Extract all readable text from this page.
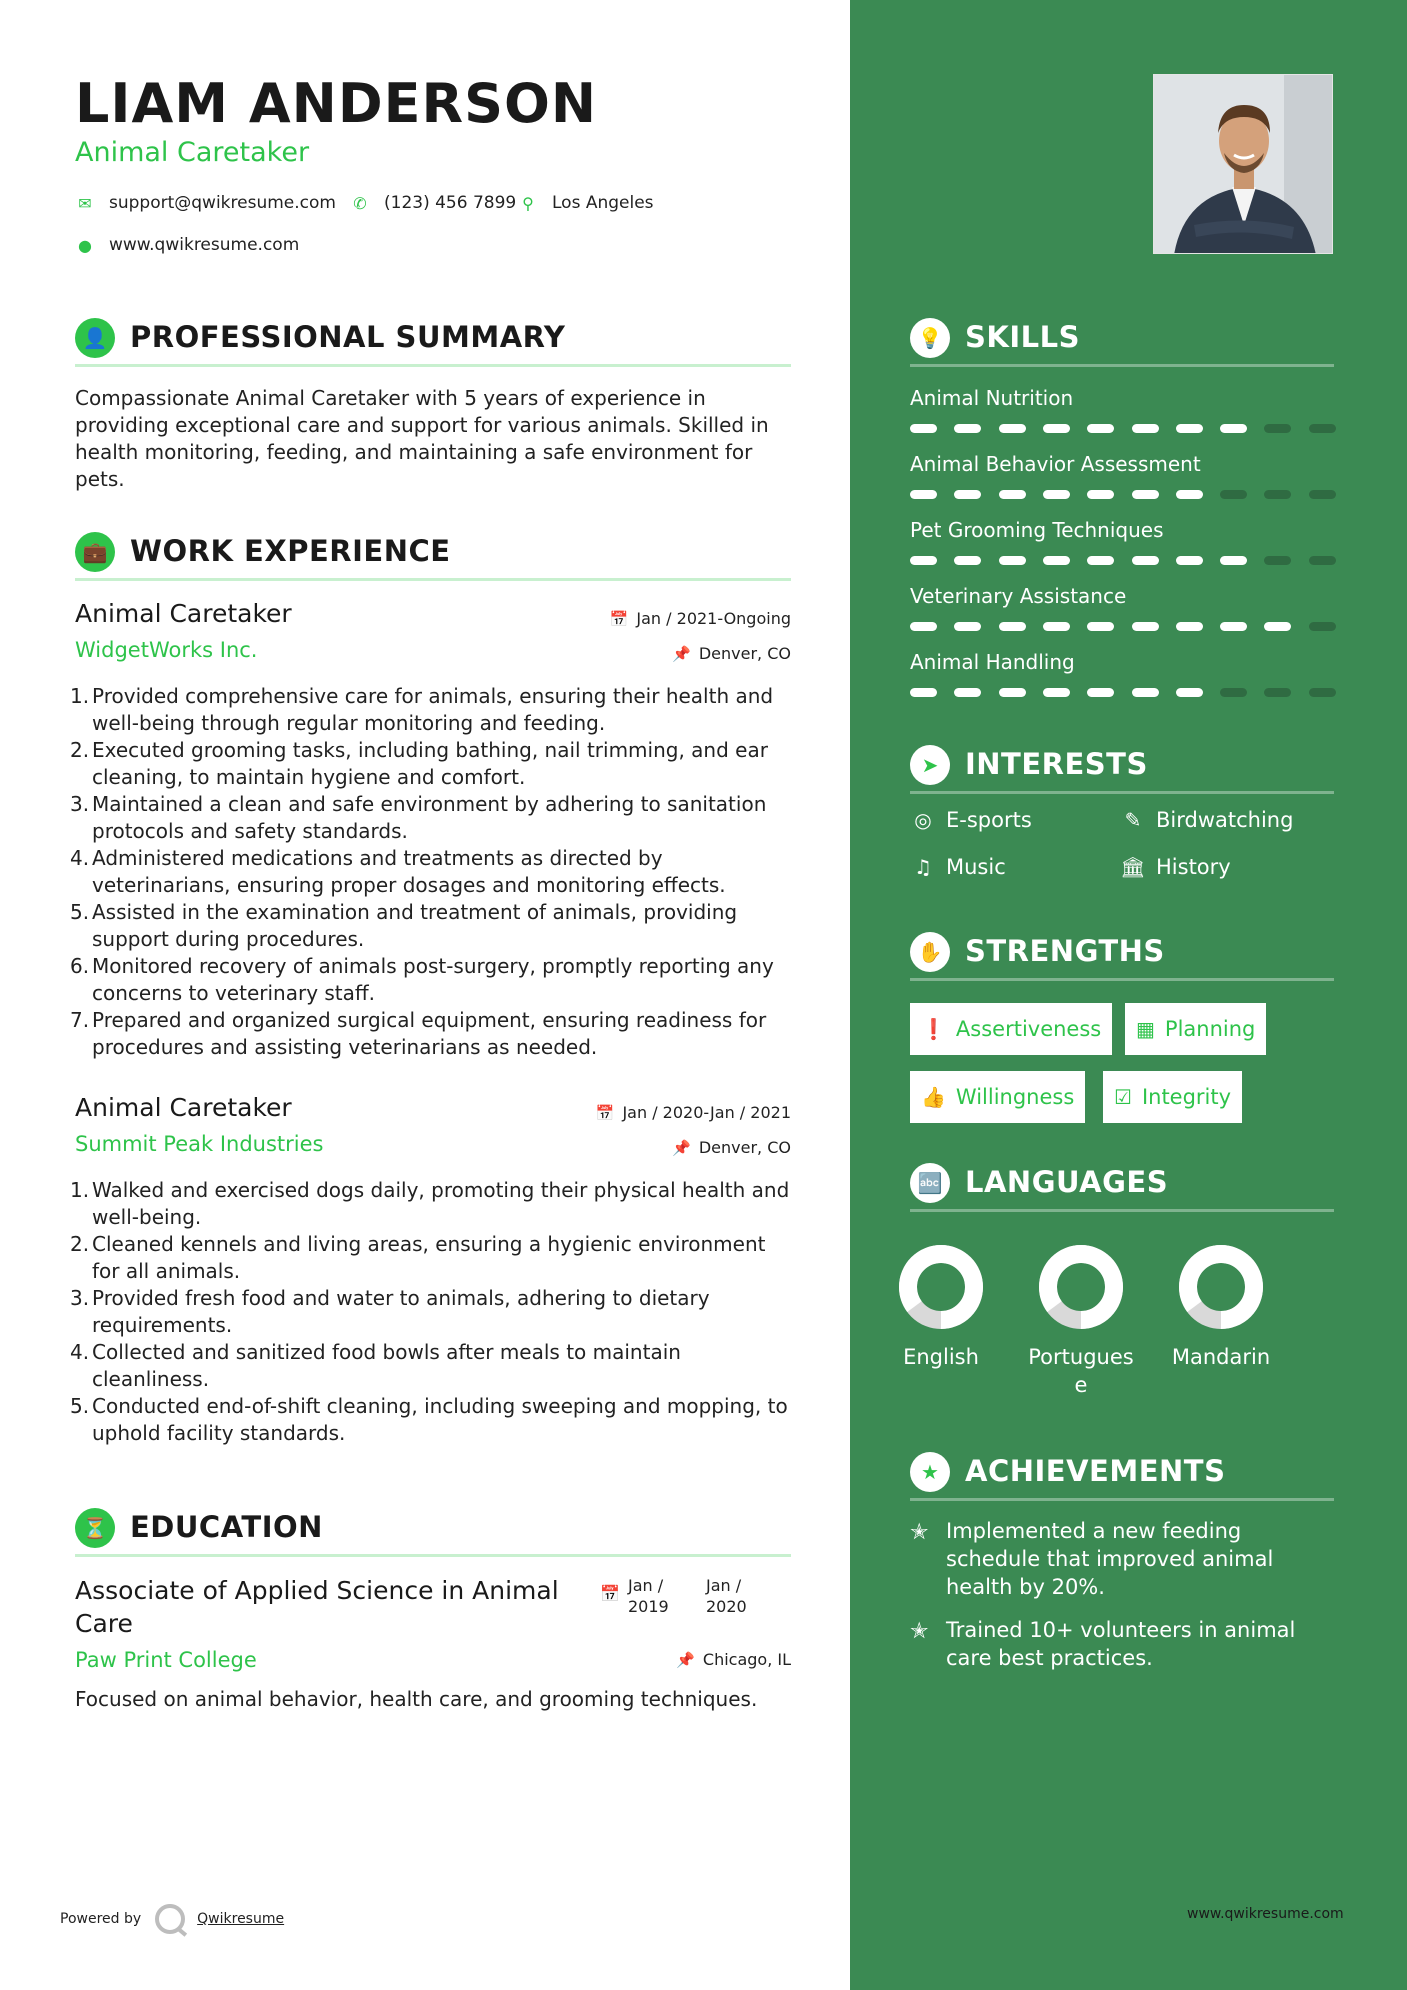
LIAM ANDERSON
Animal Caretaker
✉ support@qwikresume.com ✆ (123) 456 7899 ⚲ Los Angeles
● www.qwikresume.com
👤 PROFESSIONAL SUMMARY
Compassionate Animal Caretaker with 5 years of experience in providing exceptional care and support for various animals. Skilled in health monitoring, feeding, and maintaining a safe environment for pets.
💼 WORK EXPERIENCE
Animal Caretaker	📅 Jan / 2021-Ongoing
WidgetWorks Inc.	📌 Denver, CO
1. Provided comprehensive care for animals, ensuring their health and well-being through regular monitoring and feeding.
2. Executed grooming tasks, including bathing, nail trimming, and ear cleaning, to maintain hygiene and comfort.
3. Maintained a clean and safe environment by adhering to sanitation protocols and safety standards.
4. Administered medications and treatments as directed by veterinarians, ensuring proper dosages and monitoring effects.
5. Assisted in the examination and treatment of animals, providing support during procedures.
6. Monitored recovery of animals post-surgery, promptly reporting any concerns to veterinary staff.
7. Prepared and organized surgical equipment, ensuring readiness for procedures and assisting veterinarians as needed.
Animal Caretaker	📅 Jan / 2020-Jan / 2021
Summit Peak Industries	📌 Denver, CO
1. Walked and exercised dogs daily, promoting their physical health and well-being.
2. Cleaned kennels and living areas, ensuring a hygienic environment for all animals.
3. Provided fresh food and water to animals, adhering to dietary requirements.
4. Collected and sanitized food bowls after meals to maintain cleanliness.
5. Conducted end-of-shift cleaning, including sweeping and mopping, to uphold facility standards.
⏳ EDUCATION
Associate of Applied Science in Animal Care
📅 Jan /
2019
Jan /
2020
Paw Print College	📌 Chicago, IL
Focused on animal behavior, health care, and grooming techniques.
Powered by	Qwikresume
💡 SKILLS
Animal Nutrition
Animal Behavior Assessment
Pet Grooming Techniques
Veterinary Assistance
Animal Handling
➤ INTERESTS
◎ E-sports	✎ Birdwatching
♫ Music	🏛 History
✋ STRENGTHS
❗ Assertiveness ▦ Planning
👍 Willingness ☑ Integrity
🔤 LANGUAGES
English	Portugues
e
Mandarin
★ ACHIEVEMENTS
✭ Implemented a new feeding schedule that improved animal health by 20%.
✭ Trained 10+ volunteers in animal care best practices.
www.qwikresume.com
